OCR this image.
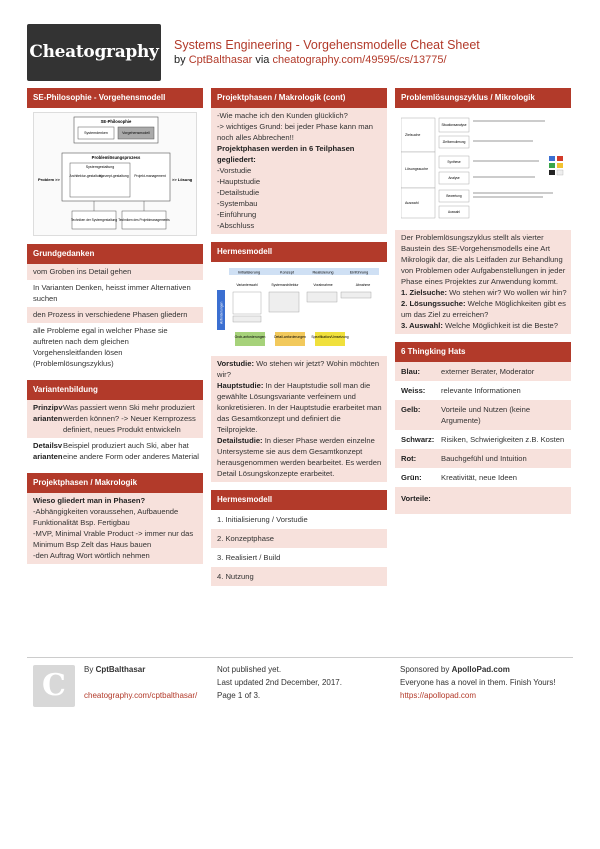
Cheatography Systems Engineering - Vorgehensmodelle Cheat Sheet
by CptBalthasar via cheatography.com/49595/cs/13775/
SE-Philosophie - Vorgehensmodell
SE-Philosophie
Systemdenken	Vorgehensmodell
Problemlösungsprozess
Systemgestaltung
Problem >>	>> Lösung
Architektur-gestaltung
Konzept-gestaltung Projekt-management
Techniken der Systemgestaltung Techniken des Projektmanagements
Grundgedanken
vom Groben ins Detail gehen
In Varianten Denken, heisst immer Alternativen suchen
den Prozess in verschiedene Phasen gliedern
alle Probleme egal in welcher Phase sie auftreten nach dem gleichen Vorgehensleitfanden lösen (Problemlösungszyklus)
Variantenbildung
Prinzipvarianten
Was passiert wenn Ski mehr produziert werden können? -> Neuer Kernprozess definiert, neues Produkt entwickeln
Detailsvarianten
Beispiel produziert auch Ski, aber hat eine andere Form oder anderes Material
Projektphasen / Makrologik
Wieso gliedert man in Phasen?
-Abhängigkeiten voraussehen, Aufbauende Funktionalität Bsp. Fertigbau
-MVP, Minimal Vrable Product -> immer nur das Minimum Bsp Zelt das Haus bauen
-den Auftrag Wort wörtlich nehmen
Projektphasen / Makrologik (cont)
-Wie mache ich den Kunden glücklich?
-> wichtiges Grund: bei jeder Phase kann man noch alles Abbrechen!!
Projektphasen werden in 6 Teilphasen gegliedert:
-Vorstudie
-Hauptstudie
-Detailstudie
-Systembau
-Einführung
-Abschluss
Hermesmodell
Initialisierung	Konzept	Realisierung	Einführung
Variantenwahl	Systemarchitektur	Vorabnahme	Abnahme
Anforderungen
Grob-anforderungen	Detail-anforderungen Spezifikation/Umsetzung
Vorstudie: Wo stehen wir jetzt? Wohin möchten wir?
Hauptstudie: In der Hauptstudie soll man die gewählte Lösungsvariante verfeinern und konkretisieren. In der Hauptstudie erarbeitet man das Gesamtkonzept und definiert die Teilprojekte.
Detailstudie: In dieser Phase werden einzelne Untersysteme sie aus dem Gesamtkonzept herausgenommen werden bearbeitet. Es werden Detail Lösungskonzepte erarbeitet.
Hermesmodell
1. Initialisierung / Vorstudie
2. Konzeptphase
3. Realisiert / Build
4. Nutzung
Problemlösungszyklus / Mikrologik
Zielsuche
Lösungssuche
Auswahl
Situationsanalyse
Zielformulierung
Synthese
Analyse
Bewertung
Auswahl
Der Problemlösungszyklus stellt als vierter Baustein des SE-Vorgehensmodells eine Art Mikrologik dar, die als Leitfaden zur Behandlung von Problemen oder Aufgabenstellungen in jeder Phase eines Projektes zur Anwendung kommt.
1. Zielsuche: Wo stehen wir? Wo wollen wir hin?
2. Lösungssuche: Welche Möglichkeiten gibt es um das Ziel zu erreichen?
3. Auswahl: Welche Möglichkeit ist die Beste?
6 Thingking Hats
Blau:	externer Berater, Moderator
Weiss:	relevante Informationen
Gelb:	Vorteile und Nutzen (keine Argumente)
Schwarz: Risiken, Schwierigkeiten z.B. Kosten
Rot:	Bauchgefühl und Intuition
Grün:	Kreativität, neue Ideen
Vorteile:
C	By CptBalthasar

cheatography.com/cptbalthasar/
Not published yet.
Last updated 2nd December, 2017.
Page 1 of 3.
Sponsored by ApolloPad.com
Everyone has a novel in them. Finish Yours!
https://apollopad.com
